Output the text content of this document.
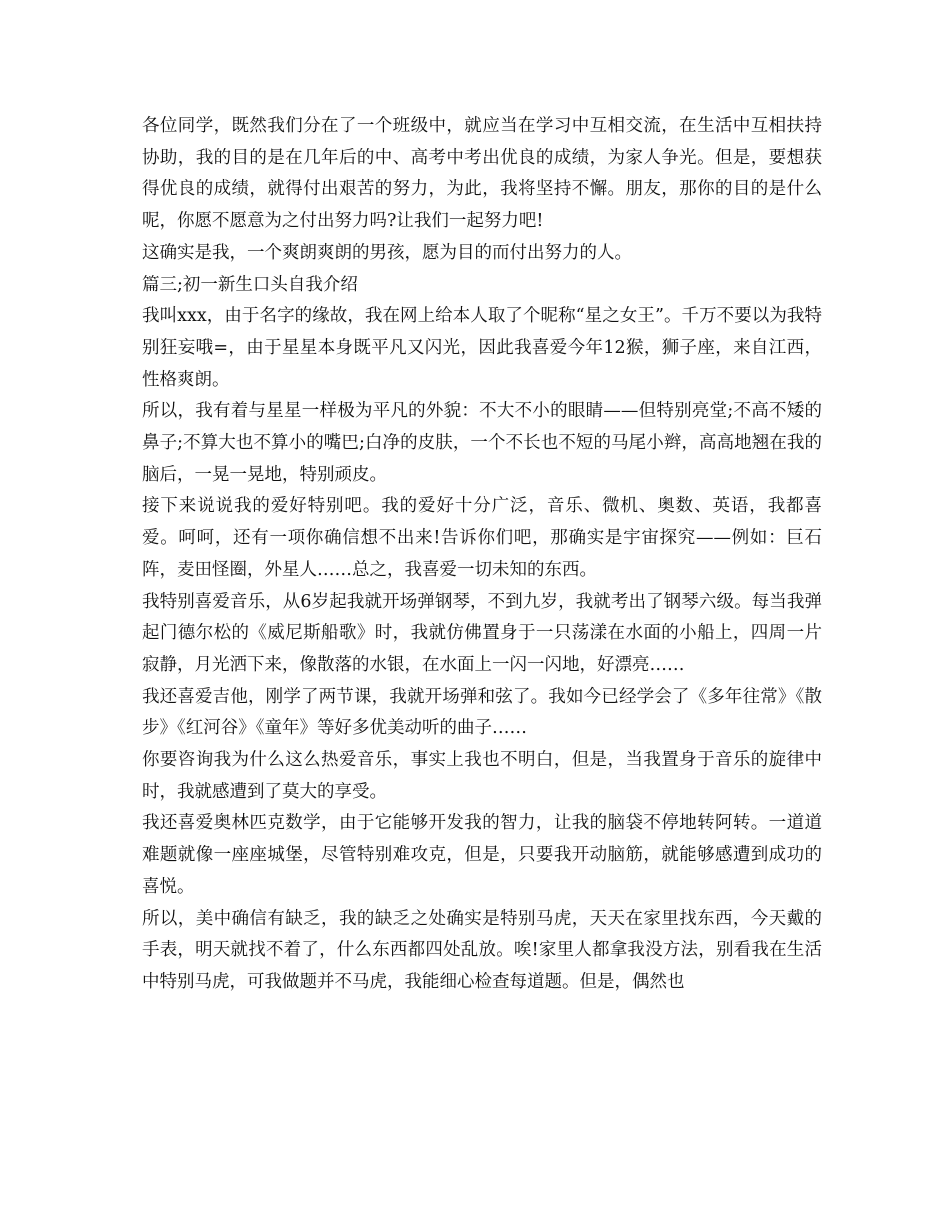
各位同学，既然我们分在了一个班级中，就应当在学习中互相交流，在生活中互相扶持协助，我的目的是在几年后的中、高考中考出优良的成绩，为家人争光。但是，要想获得优良的成绩，就得付出艰苦的努力，为此，我将坚持不懈。朋友，那你的目的是什么呢，你愿不愿意为之付出努力吗?让我们一起努力吧!

这确实是我，一个爽朗爽朗的男孩，愿为目的而付出努力的人。

篇三;初一新生口头自我介绍

我叫xxx，由于名字的缘故，我在网上给本人取了个昵称“星之女王”。千万不要以为我特别狂妄哦=，由于星星本身既平凡又闪光，因此我喜爱今年12猴，狮子座，来自江西，性格爽朗。

所以，我有着与星星一样极为平凡的外貌：不大不小的眼睛——但特别亮堂;不高不矮的鼻子;不算大也不算小的嘴巴;白净的皮肤，一个不长也不短的马尾小辫，高高地翘在我的脑后，一晃一晃地，特别顽皮。

接下来说说我的爱好特别吧。我的爱好十分广泛，音乐、微机、奥数、英语，我都喜爱。呵呵，还有一项你确信想不出来!告诉你们吧，那确实是宇宙探究——例如：巨石阵，麦田怪圈，外星人……总之，我喜爱一切未知的东西。

我特别喜爱音乐，从6岁起我就开场弹钢琴，不到九岁，我就考出了钢琴六级。每当我弹起门德尔松的《威尼斯船歌》时，我就仿佛置身于一只荡漾在水面的小船上，四周一片寂静，月光洒下来，像散落的水银，在水面上一闪一闪地，好漂亮……

我还喜爱吉他，刚学了两节课，我就开场弹和弦了。我如今已经学会了《多年往常》《散步》《红河谷》《童年》等好多优美动听的曲子……

你要咨询我为什么这么热爱音乐，事实上我也不明白，但是，当我置身于音乐的旋律中时，我就感遭到了莫大的享受。

我还喜爱奥林匹克数学，由于它能够开发我的智力，让我的脑袋不停地转阿转。一道道难题就像一座座城堡，尽管特别难攻克，但是，只要我开动脑筋，就能够感遭到成功的喜悦。

所以，美中确信有缺乏，我的缺乏之处确实是特别马虎，天天在家里找东西，今天戴的手表，明天就找不着了，什么东西都四处乱放。唉!家里人都拿我没方法，别看我在生活中特别马虎，可我做题并不马虎，我能细心检查每道题。但是，偶然也
